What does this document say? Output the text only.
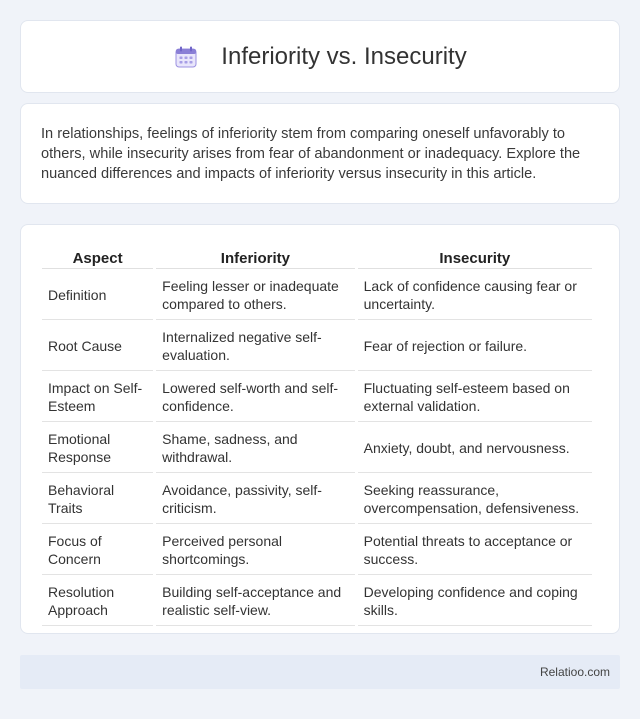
Inferiority vs. Insecurity

In relationships, feelings of inferiority stem from comparing oneself unfavorably to others, while insecurity arises from fear of abandonment or inadequacy. Explore the nuanced differences and impacts of inferiority versus insecurity in this article.

Aspect	Inferiority	Insecurity
Definition	Feeling lesser or inadequate compared to others.	Lack of confidence causing fear or uncertainty.
Root Cause	Internalized negative self-evaluation.	Fear of rejection or failure.
Impact on Self-Esteem	Lowered self-worth and self-confidence.	Fluctuating self-esteem based on external validation.
Emotional Response	Shame, sadness, and withdrawal.	Anxiety, doubt, and nervousness.
Behavioral Traits	Avoidance, passivity, self-criticism.	Seeking reassurance, overcompensation, defensiveness.
Focus of Concern	Perceived personal shortcomings.	Potential threats to acceptance or success.
Resolution Approach	Building self-acceptance and realistic self-view.	Developing confidence and coping skills.
Relatioo.com
